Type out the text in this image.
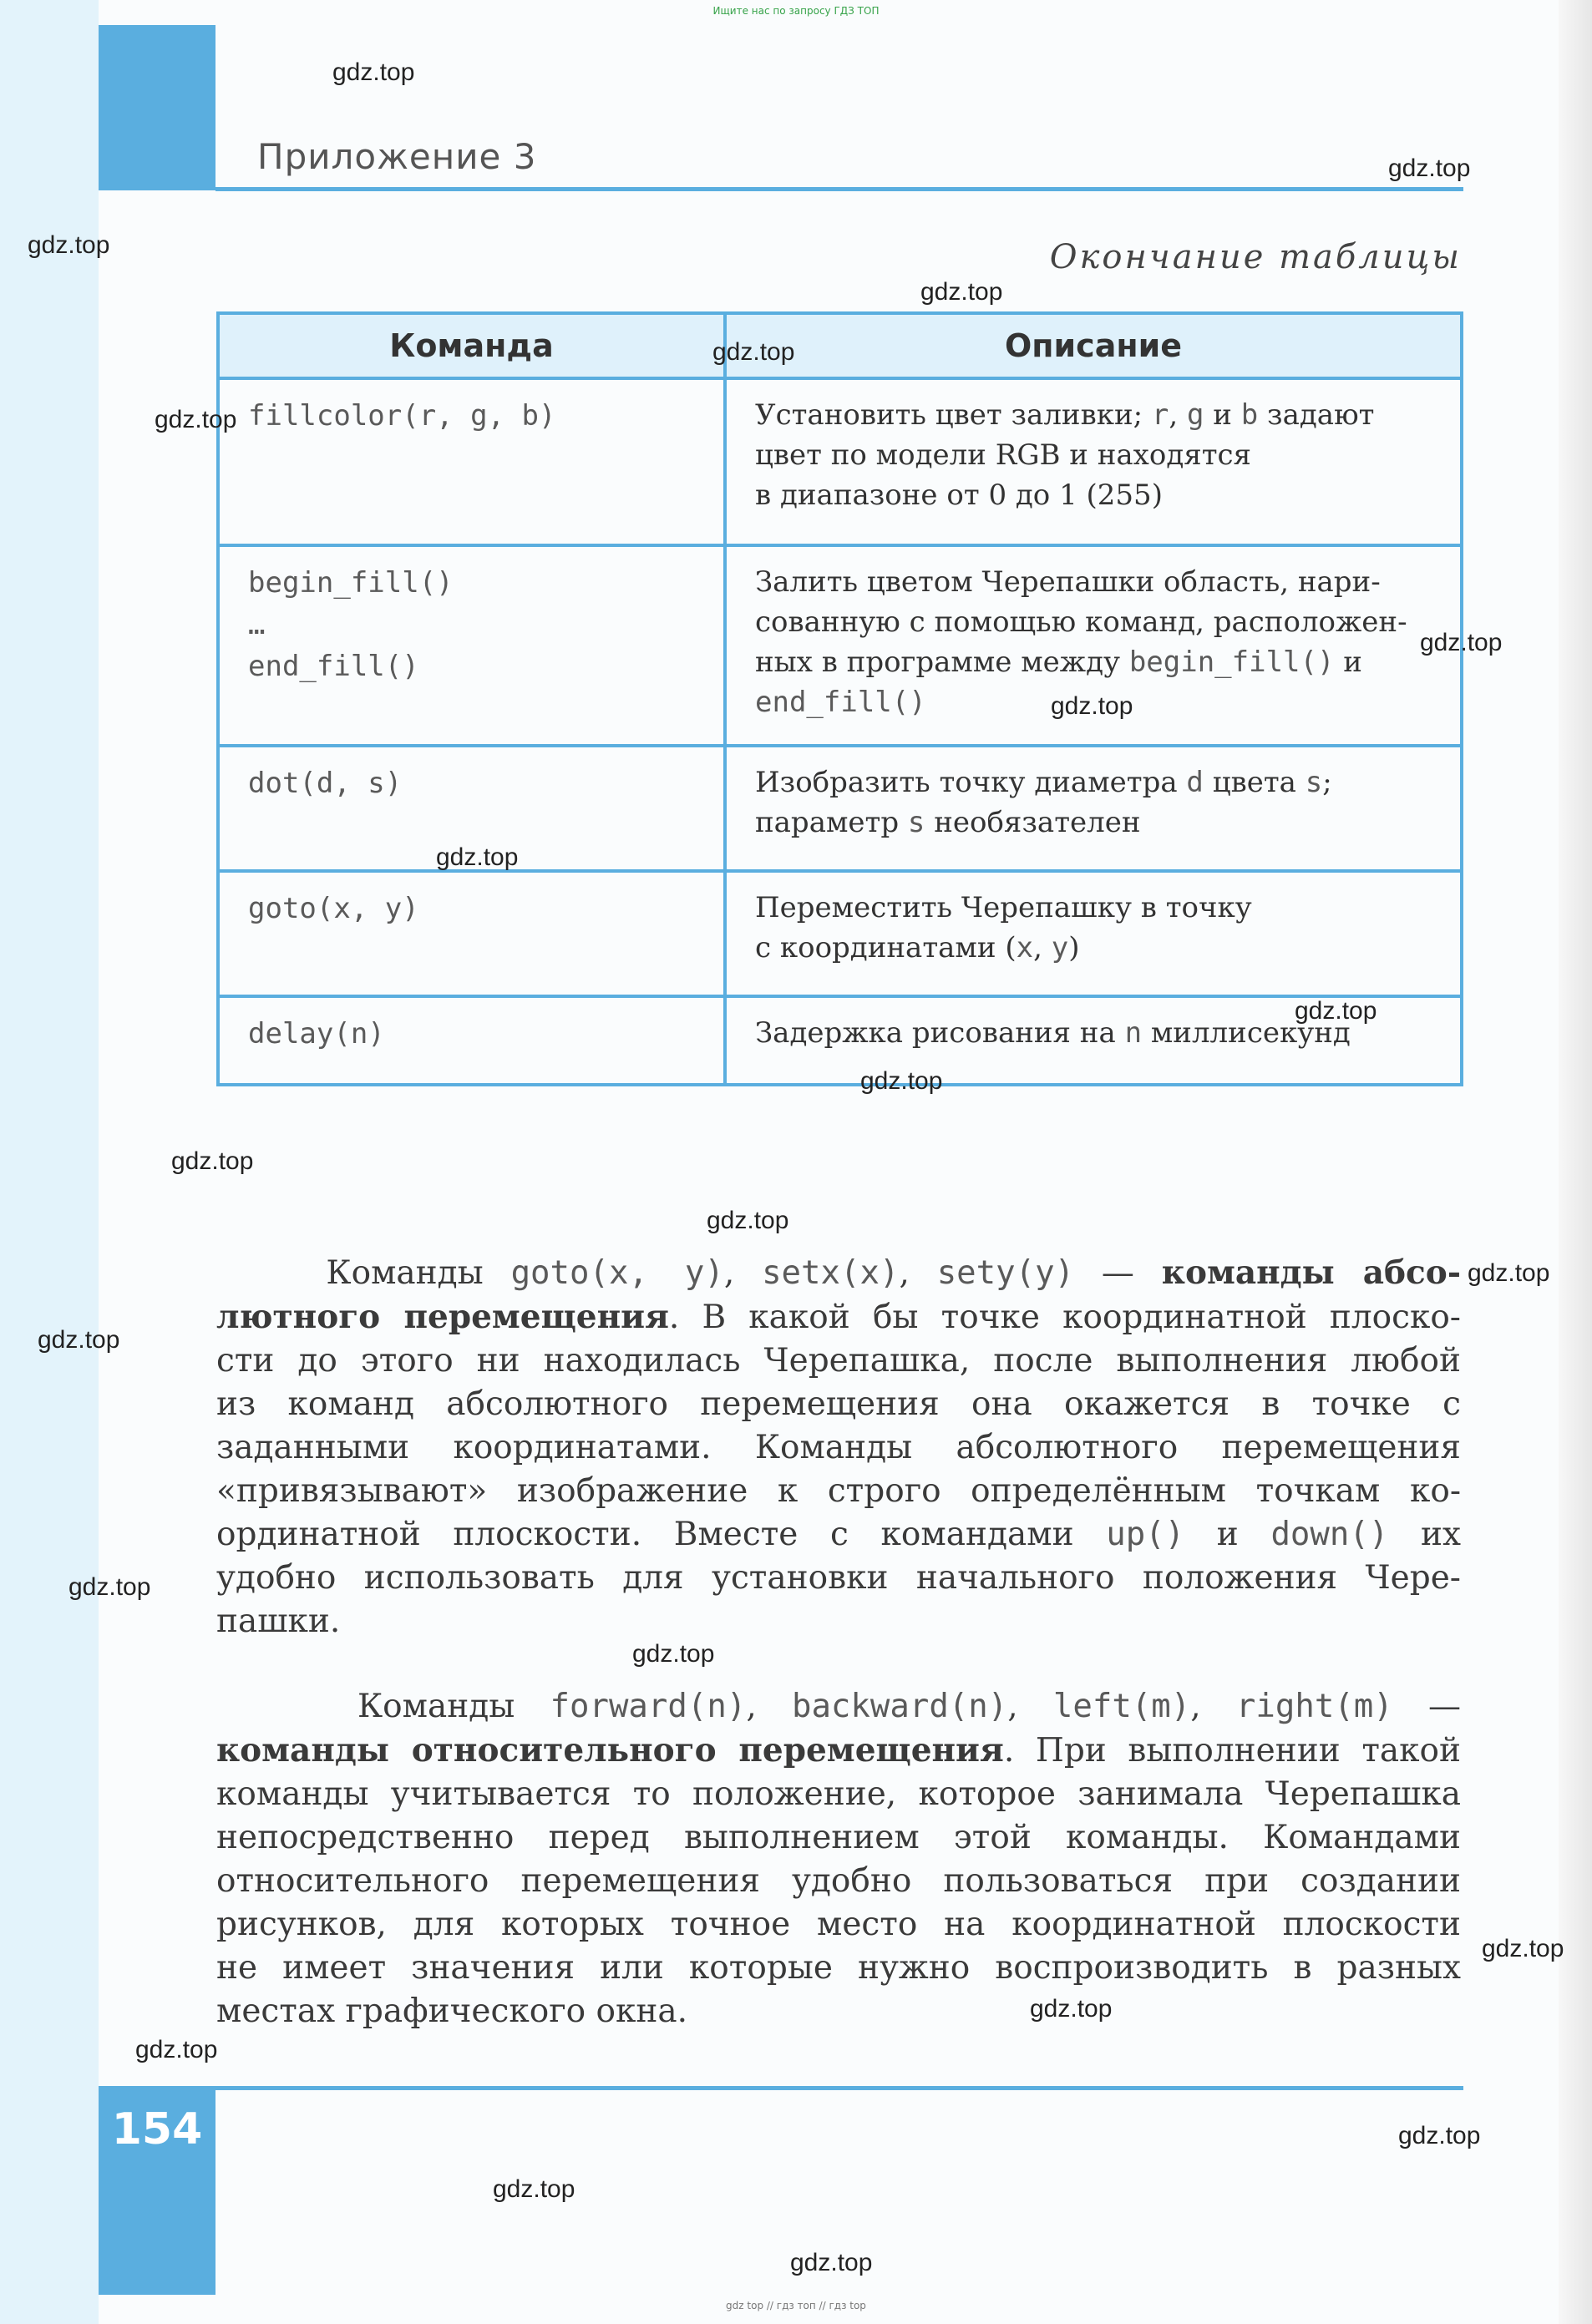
Ищите нас по запросу ГДЗ ТОП
Приложение 3
Окончание таблицы
Команда	Описание

fillcolor(r, g, b)	Установить цвет заливки; r, g и b задают
цвет по модели RGB и находятся
в диапазоне от 0 до 1 (255)

begin_fill()
…
end_fill()	Залить цветом Черепашки область, нари-
сованную с помощью команд, расположен-
ных в программе между begin_fill() и
end_fill()

dot(d, s)	Изобразить точку диаметра d цвета s;
параметр s необязателен

goto(x, y)	Переместить Черепашку в точку
с координатами (x, y)

delay(n)	Задержка рисования на n миллисекунд
Команды goto(x, y), setx(x), sety(y) — команды абсо-
лютного перемещения. В какой бы точке координатной плоско-
сти до этого ни находилась Черепашка, после выполнения любой
из команд абсолютного перемещения она окажется в точке с
заданными координатами. Команды абсолютного перемещения
«привязывают» изображение к строго определённым точкам ко-
ординатной плоскости. Вместе с командами up() и down() их
удобно использовать для установки начального положения Чере-
пашки.
Команды forward(n), backward(n), left(m), right(m) —
команды относительного перемещения. При выполнении такой
команды учитывается то положение, которое занимала Черепашка
непосредственно перед выполнением этой команды. Командами
относительного перемещения удобно пользоваться при создании
рисунков, для которых точное место на координатной плоскости
не имеет значения или которые нужно воспроизводить в разных
местах графического окна.
154
gdz top // гдз топ // гдз top
gdz.top
gdz.top
gdz.top
gdz.top
gdz.top
gdz.top
gdz.top
gdz.top
gdz.top
gdz.top
gdz.top
gdz.top
gdz.top
gdz.top
gdz.top
gdz.top
gdz.top
gdz.top
gdz.top
gdz.top
gdz.top
gdz.top
gdz.top
